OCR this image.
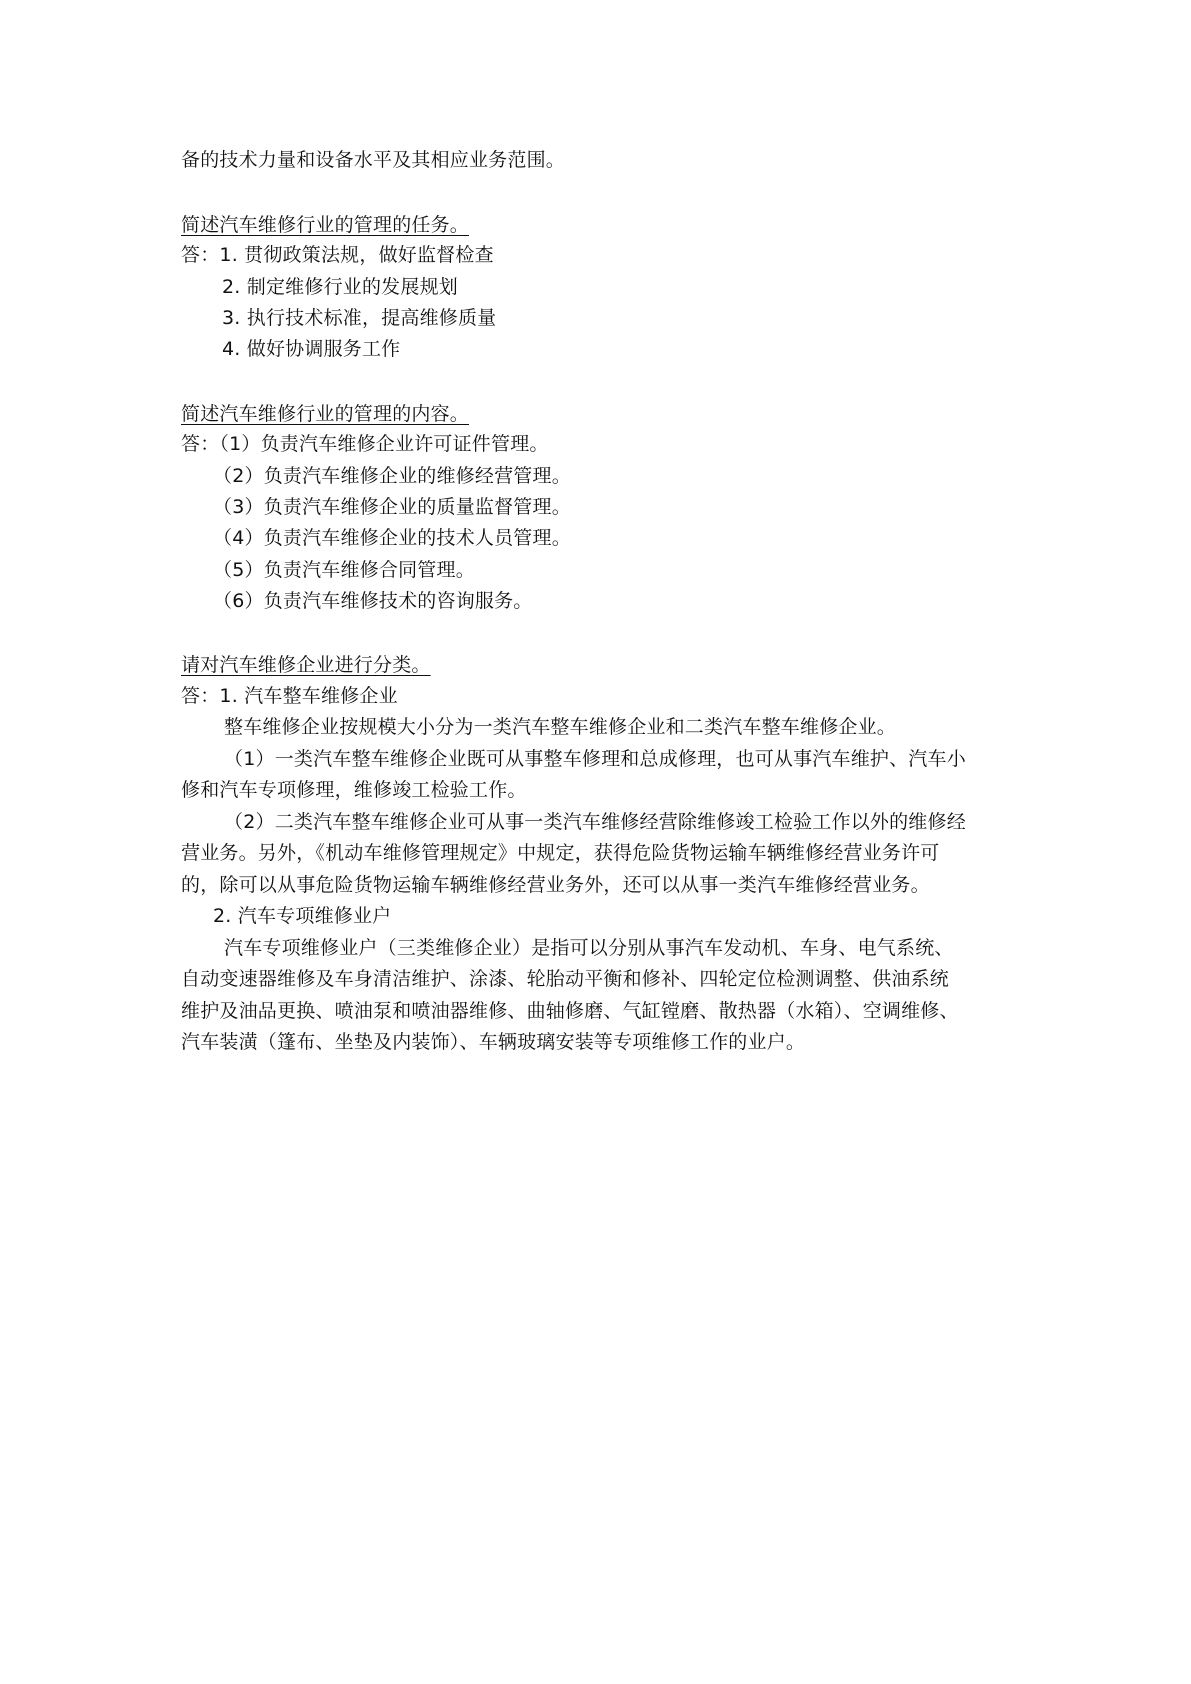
备的技术力量和设备水平及其相应业务范围。
简述汽车维修行业的管理的任务。
答：1. 贯彻政策法规，做好监督检查
2. 制定维修行业的发展规划
3. 执行技术标准，提高维修质量
4. 做好协调服务工作
简述汽车维修行业的管理的内容。
答：（1）负责汽车维修企业许可证件管理。
（2）负责汽车维修企业的维修经营管理。
（3）负责汽车维修企业的质量监督管理。
（4）负责汽车维修企业的技术人员管理。
（5）负责汽车维修合同管理。
（6）负责汽车维修技术的咨询服务。
请对汽车维修企业进行分类。
答：1. 汽车整车维修企业
整车维修企业按规模大小分为一类汽车整车维修企业和二类汽车整车维修企业。
（1）一类汽车整车维修企业既可从事整车修理和总成修理，也可从事汽车维护、汽车小
修和汽车专项修理，维修竣工检验工作。
（2）二类汽车整车维修企业可从事一类汽车维修经营除维修竣工检验工作以外的维修经
营业务。另外，《机动车维修管理规定》中规定，获得危险货物运输车辆维修经营业务许可
的，除可以从事危险货物运输车辆维修经营业务外，还可以从事一类汽车维修经营业务。
2. 汽车专项维修业户
汽车专项维修业户（三类维修企业）是指可以分别从事汽车发动机、车身、电气系统、
自动变速器维修及车身清洁维护、涂漆、轮胎动平衡和修补、四轮定位检测调整、供油系统
维护及油品更换、喷油泵和喷油器维修、曲轴修磨、气缸镗磨、散热器（水箱）、空调维修、
汽车装潢（篷布、坐垫及内装饰）、车辆玻璃安装等专项维修工作的业户。
